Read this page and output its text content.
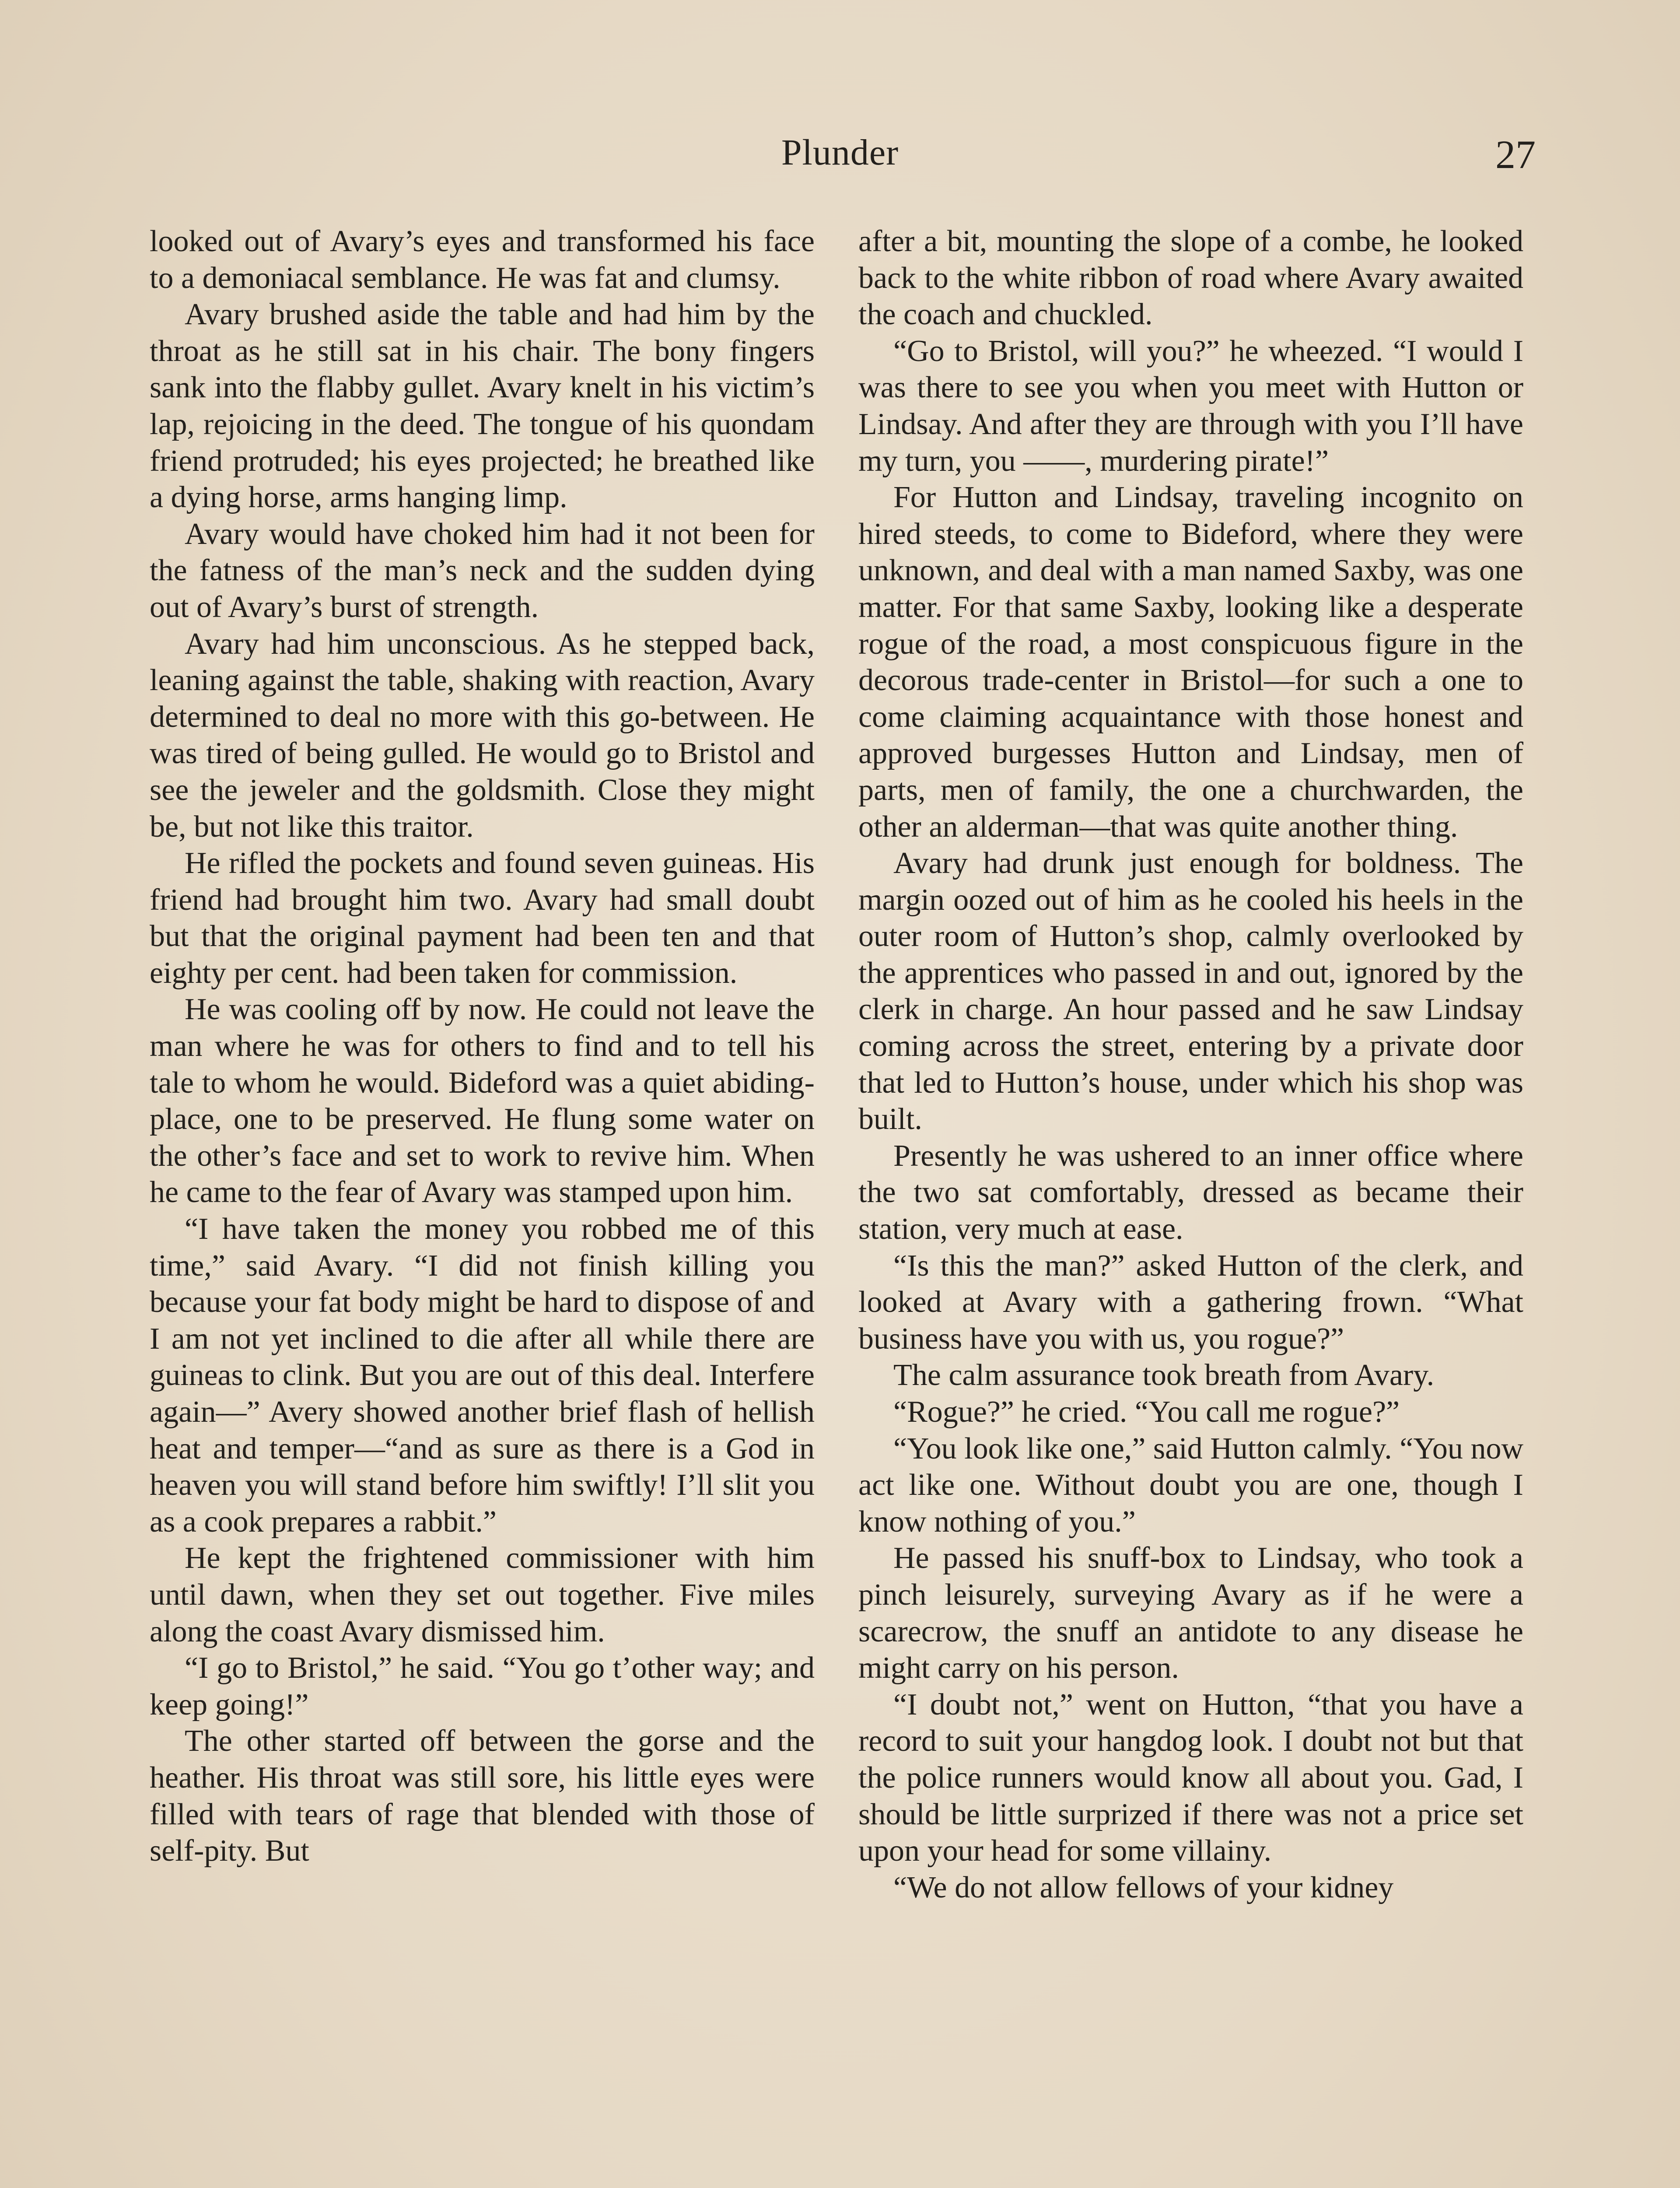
Plunder	27

looked out of Avary’s eyes and transformed his face to a demoniacal semblance. He was fat and clumsy.

Avary brushed aside the table and had him by the throat as he still sat in his chair. The bony fingers sank into the flabby gullet. Avary knelt in his victim’s lap, rejoicing in the deed. The tongue of his quondam friend protruded; his eyes projected; he breathed like a dying horse, arms hanging limp.

Avary would have choked him had it not been for the fatness of the man’s neck and the sudden dying out of Avary’s burst of strength.

Avary had him unconscious. As he stepped back, leaning against the table, shaking with reaction, Avary determined to deal no more with this go-between. He was tired of being gulled. He would go to Bristol and see the jeweler and the goldsmith. Close they might be, but not like this traitor.

He rifled the pockets and found seven guineas. His friend had brought him two. Avary had small doubt but that the original payment had been ten and that eighty per cent. had been taken for commission.

He was cooling off by now. He could not leave the man where he was for others to find and to tell his tale to whom he would. Bideford was a quiet abiding-place, one to be preserved. He flung some water on the other’s face and set to work to revive him. When he came to the fear of Avary was stamped upon him.

“I have taken the money you robbed me of this time,” said Avary. “I did not finish killing you because your fat body might be hard to dispose of and I am not yet inclined to die after all while there are guineas to clink. But you are out of this deal. Interfere again—” Avery showed another brief flash of hellish heat and temper—“and as sure as there is a God in heaven you will stand before him swiftly! I’ll slit you as a cook prepares a rabbit.”

He kept the frightened commissioner with him until dawn, when they set out together. Five miles along the coast Avary dismissed him.

“I go to Bristol,” he said. “You go t’other way; and keep going!”

The other started off between the gorse and the heather. His throat was still sore, his little eyes were filled with tears of rage that blended with those of self-pity. But

after a bit, mounting the slope of a combe, he looked back to the white ribbon of road where Avary awaited the coach and chuckled.

“Go to Bristol, will you?” he wheezed. “I would I was there to see you when you meet with Hutton or Lindsay. And after they are through with you I’ll have my turn, you ——, murdering pirate!”

For Hutton and Lindsay, traveling incognito on hired steeds, to come to Bideford, where they were unknown, and deal with a man named Saxby, was one matter. For that same Saxby, looking like a desperate rogue of the road, a most conspicuous figure in the decorous trade-center in Bristol—for such a one to come claiming acquaintance with those honest and approved burgesses Hutton and Lindsay, men of parts, men of family, the one a churchwarden, the other an alderman—that was quite another thing.

Avary had drunk just enough for boldness. The margin oozed out of him as he cooled his heels in the outer room of Hutton’s shop, calmly overlooked by the apprentices who passed in and out, ignored by the clerk in charge. An hour passed and he saw Lindsay coming across the street, entering by a private door that led to Hutton’s house, under which his shop was built.

Presently he was ushered to an inner office where the two sat comfortably, dressed as became their station, very much at ease.

“Is this the man?” asked Hutton of the clerk, and looked at Avary with a gathering frown. “What business have you with us, you rogue?”

The calm assurance took breath from Avary.

“Rogue?” he cried. “You call me rogue?”

“You look like one,” said Hutton calmly. “You now act like one. Without doubt you are one, though I know nothing of you.”

He passed his snuff-box to Lindsay, who took a pinch leisurely, surveying Avary as if he were a scarecrow, the snuff an antidote to any disease he might carry on his person.

“I doubt not,” went on Hutton, “that you have a record to suit your hangdog look. I doubt not but that the police runners would know all about you. Gad, I should be little surprized if there was not a price set upon your head for some villainy.

“We do not allow fellows of your kidney
